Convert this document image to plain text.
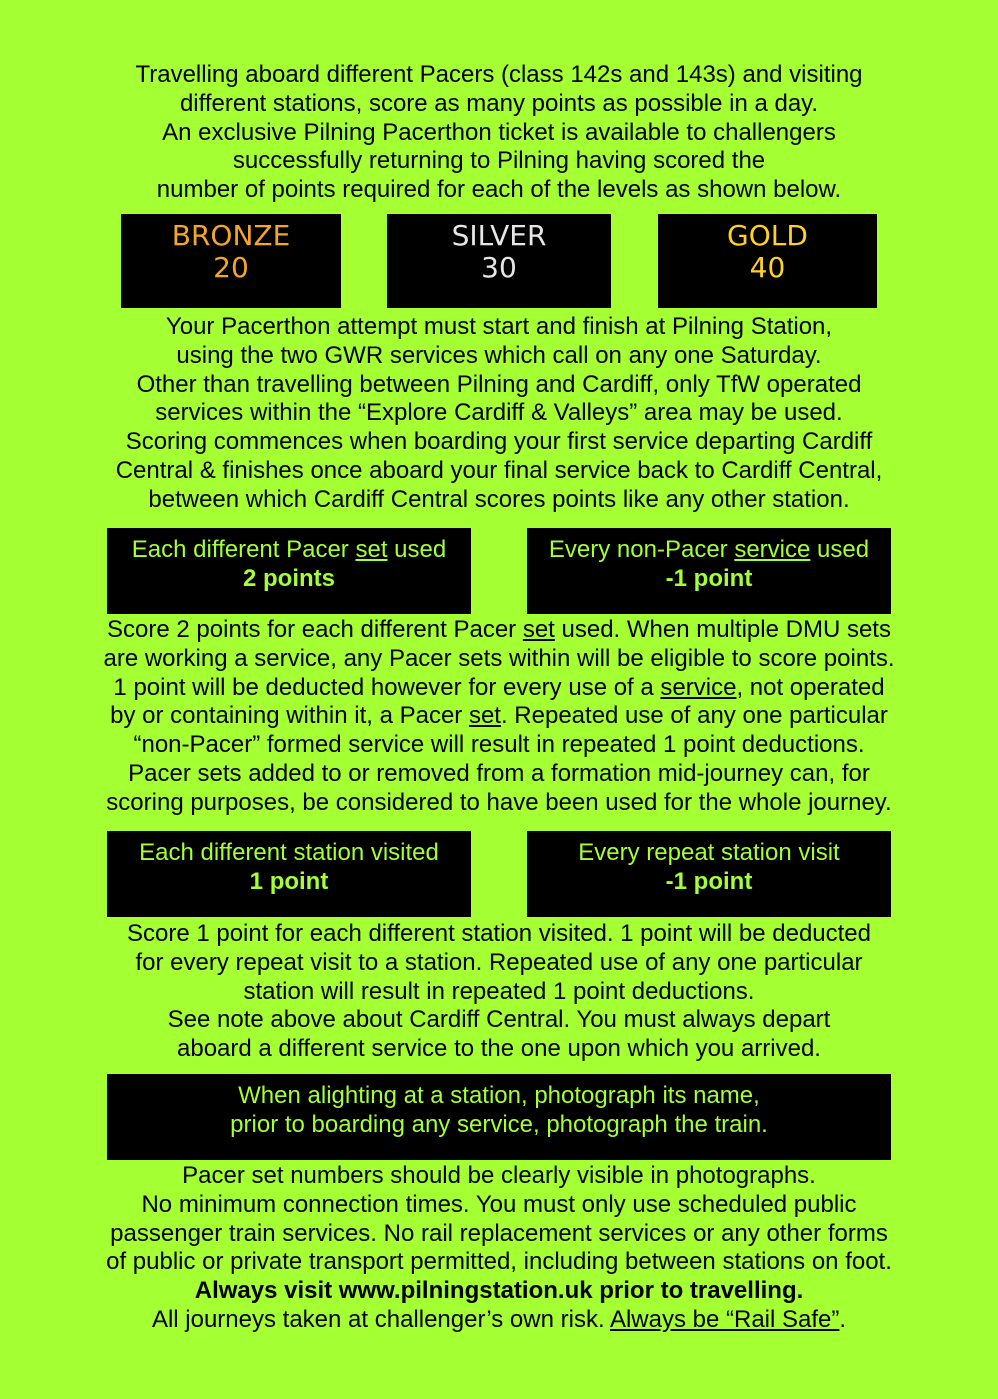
Travelling aboard different Pacers (class 142s and 143s) and visiting
different stations, score as many points as possible in a day.
An exclusive Pilning Pacerthon ticket is available to challengers
successfully returning to Pilning having scored the
number of points required for each of the levels as shown below.
BRONZE
20
SILVER
30
GOLD
40
Your Pacerthon attempt must start and finish at Pilning Station,
using the two GWR services which call on any one Saturday.
Other than travelling between Pilning and Cardiff, only TfW operated
services within the “Explore Cardiff & Valleys” area may be used.
Scoring commences when boarding your first service departing Cardiff
Central & finishes once aboard your final service back to Cardiff Central,
between which Cardiff Central scores points like any other station.
Each different Pacer set used
2 points
Every non-Pacer service used
-1 point
Score 2 points for each different Pacer set used. When multiple DMU sets
are working a service, any Pacer sets within will be eligible to score points.
1 point will be deducted however for every use of a service, not operated
by or containing within it, a Pacer set. Repeated use of any one particular
“non-Pacer” formed service will result in repeated 1 point deductions.
Pacer sets added to or removed from a formation mid-journey can, for
scoring purposes, be considered to have been used for the whole journey.
Each different station visited
1 point
Every repeat station visit
-1 point
Score 1 point for each different station visited. 1 point will be deducted
for every repeat visit to a station. Repeated use of any one particular
station will result in repeated 1 point deductions.
See note above about Cardiff Central. You must always depart
aboard a different service to the one upon which you arrived.
When alighting at a station, photograph its name,
prior to boarding any service, photograph the train.
Pacer set numbers should be clearly visible in photographs.
No minimum connection times. You must only use scheduled public
passenger train services. No rail replacement services or any other forms
of public or private transport permitted, including between stations on foot.
Always visit www.pilningstation.uk prior to travelling.
All journeys taken at challenger’s own risk. Always be “Rail Safe”.
